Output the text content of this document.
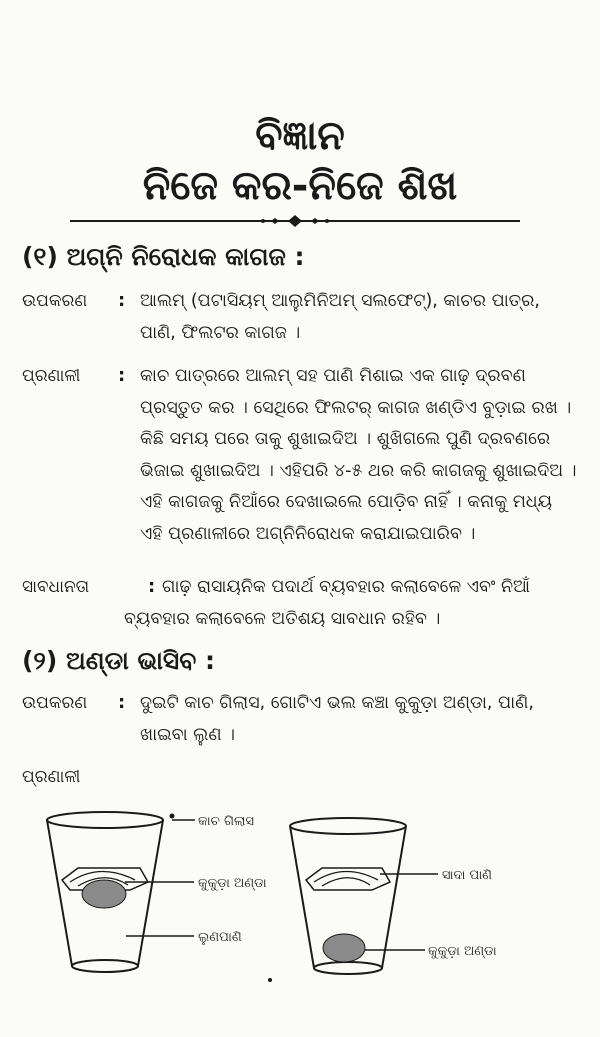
ବିଜ୍ଞାନ
ନିଜେ କର-ନିଜେ ଶିଖ
(୧) ଅଗ୍ନି ନିରୋଧକ କାଗଜ :
ଉପକରଣ : ଆଲମ୍ (ପଟାସିୟମ୍ ଆଲୁମିନିଅମ୍ ସଲଫେଟ୍), କାଚର ପାତ୍ର, ପାଣି, ଫିଲଟର କାଗଜ ।
ପ୍ରଣାଳୀ : କାଚ ପାତ୍ରରେ ଆଲମ୍ ସହ ପାଣି ମିଶାଇ ଏକ ଗାଢ଼ ଦ୍ରବଣ ପ୍ରସ୍ତୁତ କର । ସେଥିରେ ଫିଲଟର୍ କାଗଜ ଖଣ୍ଡିଏ ବୁଡ଼ାଇ ରଖ । କିଛି ସମୟ ପରେ ତାକୁ ଶୁଖାଇଦିଅ । ଶୁଖିଗଲେ ପୁଣି ଦ୍ରବଣରେ ଭିଜାଇ ଶୁଖାଇଦିଅ । ଏହିପରି ୪-୫ ଥର କରି କାଗଜକୁ ଶୁଖାଇଦିଅ । ଏହି କାଗଜକୁ ନିଆଁରେ ଦେଖାଇଲେ ପୋଡ଼ିବ ନାହିଁ । କନାକୁ ମଧ୍ୟ ଏହି ପ୍ରଣାଳୀରେ ଅଗ୍ନିନିରୋଧକ କରାଯାଇପାରିବ ।
ସାବଧାନତା	: ଗାଢ଼ ରାସାୟନିକ ପଦାର୍ଥ ବ୍ୟବହାର କଲାବେଳେ ଏବଂ ନିଆଁ ବ୍ୟବହାର କଲାବେଳେ ଅତିଶୟ ସାବଧାନ ରହିବ ।
(୨) ଅଣ୍ଡା ଭାସିବ :
ଉପକରଣ : ଦୁଇଟି କାଚ ଗିଲାସ, ଗୋଟିଏ ଭଲ କଞ୍ଚା କୁକୁଡ଼ା ଅଣ୍ଡା, ପାଣି, ଖାଇବା ଲୁଣ ।
ପ୍ରଣାଳୀ
କାଚ ଗିଲାସ
କୁକୁଡ଼ା ଅଣ୍ଡା
ଲୁଣପାଣି
ସାଦା ପାଣି
କୁକୁଡ଼ା ଅଣ୍ଡା
